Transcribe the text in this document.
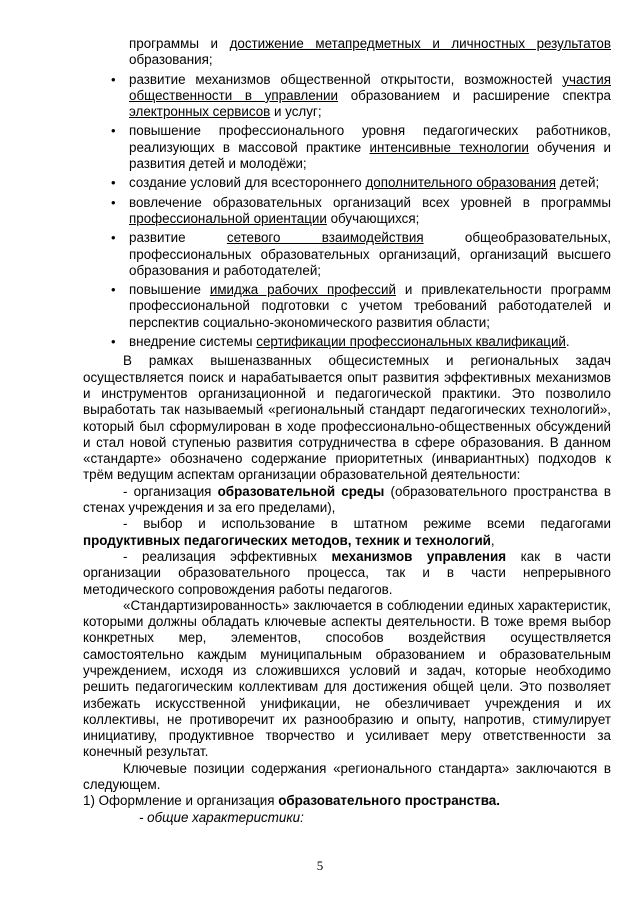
программы и достижение метапредметных и личностных результатов образования;

• развитие механизмов общественной открытости, возможностей участия общественности в управлении образованием и расширение спектра электронных сервисов и услуг;
• повышение профессионального уровня педагогических работников, реализующих в массовой практике интенсивные технологии обучения и развития детей и молодёжи;
• создание условий для всестороннего дополнительного образования детей;
• вовлечение образовательных организаций всех уровней в программы профессиональной ориентации обучающихся;
• развитие сетевого взаимодействия общеобразовательных, профессиональных образовательных организаций, организаций высшего образования и работодателей;
• повышение имиджа рабочих профессий и привлекательности программ профессиональной подготовки с учетом требований работодателей и перспектив социально-экономического развития области;
• внедрение системы сертификации профессиональных квалификаций.

В рамках вышеназванных общесистемных и региональных задач осуществляется поиск и нарабатывается опыт развития эффективных механизмов и инструментов организационной и педагогической практики. Это позволило выработать так называемый «региональный стандарт педагогических технологий», который был сформулирован в ходе профессионально-общественных обсуждений и стал новой ступенью развития сотрудничества в сфере образования. В данном «стандарте» обозначено содержание приоритетных (инвариантных) подходов к трём ведущим аспектам организации образовательной деятельности:

- организация образовательной среды (образовательного пространства в стенах учреждения и за его пределами),

- выбор и использование в штатном режиме всеми педагогами продуктивных педагогических методов, техник и технологий,

- реализация эффективных механизмов управления как в части организации образовательного процесса, так и в части непрерывного методического сопровождения работы педагогов.

«Стандартизированность» заключается в соблюдении единых характеристик, которыми должны обладать ключевые аспекты деятельности. В тоже время выбор конкретных мер, элементов, способов воздействия осуществляется самостоятельно каждым муниципальным образованием и образовательным учреждением, исходя из сложившихся условий и задач, которые необходимо решить педагогическим коллективам для достижения общей цели. Это позволяет избежать искусственной унификации, не обезличивает учреждения и их коллективы, не противоречит их разнообразию и опыту, напротив, стимулирует инициативу, продуктивное творчество и усиливает меру ответственности за конечный результат.

Ключевые позиции содержания «регионального стандарта» заключаются в следующем.

1) Оформление и организация образовательного пространства.

- общие характеристики:

5
